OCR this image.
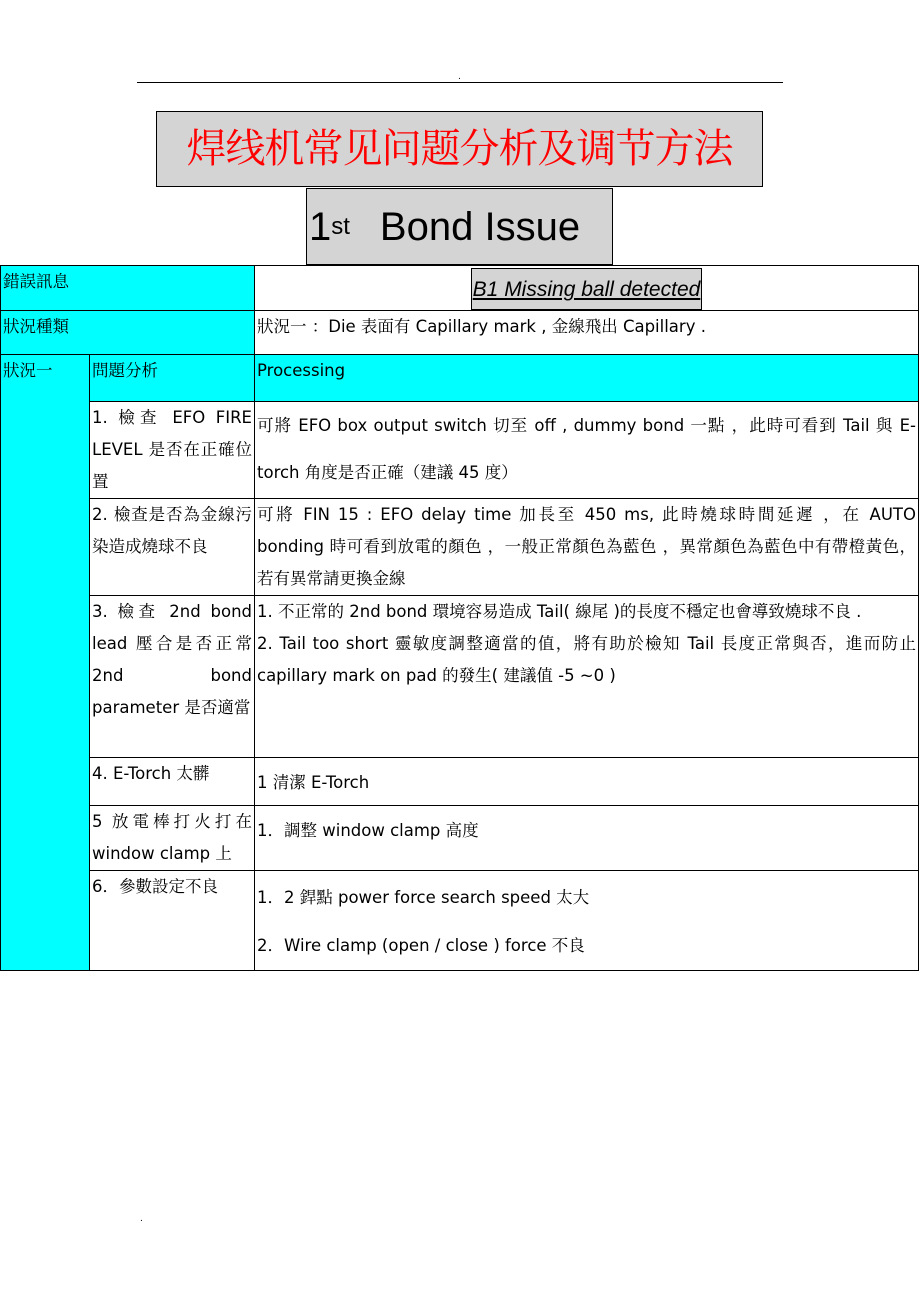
.
焊线机常见问题分析及调节方法
1st Bond Issue
錯誤訊息		B1 Missing ball detected
狀況種類		狀況一 ：Die 表面有 Capillary mark , 金線飛出 Capillary .
狀況一	問題分析	Processing
	1. 檢查 EFO FIRE LEVEL 是否在正確位置	可將 EFO box output switch 切至 off , dummy bond 一點 ，此時可看到 Tail 與 E-torch 角度是否正確（建議 45 度）
	2. 檢查是否為金線污染造成燒球不良	可將 FIN 15 : EFO delay time 加長至 450 ms, 此時燒球時間延遲 ，在 AUTO bonding 時可看到放電的顏色 ，一般正常顏色為藍色 ，異常顏色為藍色中有帶橙黃色，若有異常請更換金線
	3. 檢查 2nd bond lead 壓合是否正常 2nd bond parameter 是否適當	1. 不正常的 2nd bond 環境容易造成 Tail( 線尾 )的長度不穩定也會導致燒球不良 .
2. Tail too short 靈敏度調整適當的值，將有助於檢知 Tail 長度正常與否，進而防止 capillary mark on pad 的發生( 建議值 -5 ~0 )

	4. E-Torch 太髒	1 清潔 E-Torch
	5 放電棒打火打在 window clamp 上	1．調整 window clamp 高度
	6．參數設定不良	1．2 銲點 power force search speed 太大
2．Wire clamp (open / close ) force 不良
.
